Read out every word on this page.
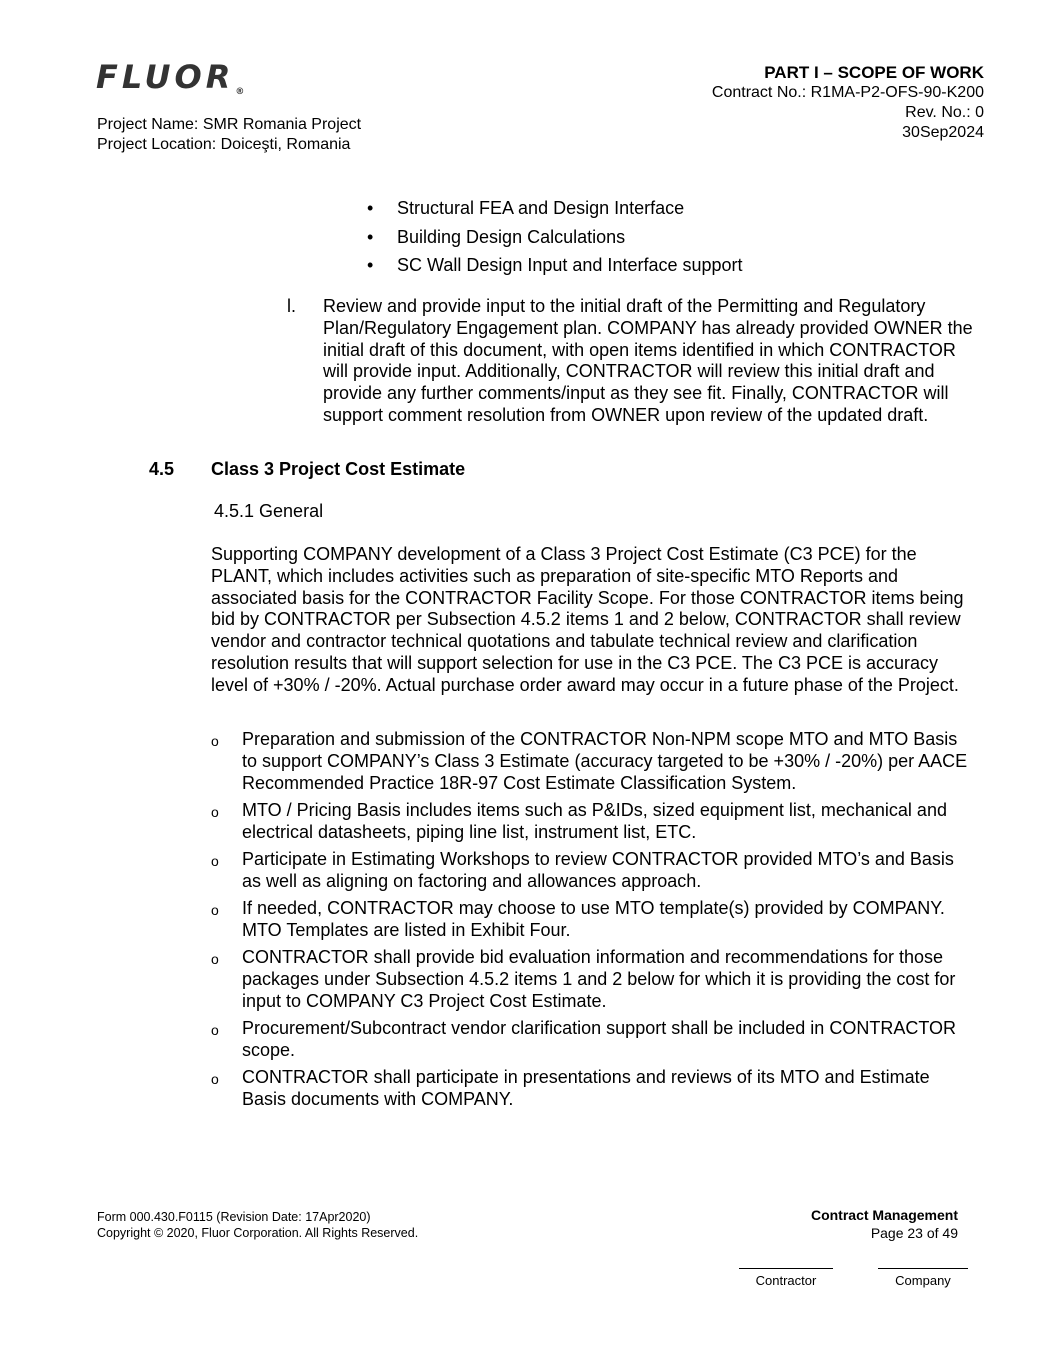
FLUOR®
Project Name: SMR Romania Project
Project Location: Doiceşti, Romania
PART I – SCOPE OF WORK
Contract No.: R1MA-P2-OFS-90-K200
Rev. No.: 0
30Sep2024
• Structural FEA and Design Interface
• Building Design Calculations
• SC Wall Design Input and Interface support
l. Review and provide input to the initial draft of the Permitting and Regulatory Plan/Regulatory Engagement plan. COMPANY has already provided OWNER the initial draft of this document, with open items identified in which CONTRACTOR will provide input. Additionally, CONTRACTOR will review this initial draft and provide any further comments/input as they see fit. Finally, CONTRACTOR will support comment resolution from OWNER upon review of the updated draft.
4.5 Class 3 Project Cost Estimate
4.5.1 General
Supporting COMPANY development of a Class 3 Project Cost Estimate (C3 PCE) for the PLANT, which includes activities such as preparation of site-specific MTO Reports and associated basis for the CONTRACTOR Facility Scope. For those CONTRACTOR items being bid by CONTRACTOR per Subsection 4.5.2 items 1 and 2 below, CONTRACTOR shall review vendor and contractor technical quotations and tabulate technical review and clarification resolution results that will support selection for use in the C3 PCE. The C3 PCE is accuracy level of +30% / -20%. Actual purchase order award may occur in a future phase of the Project.
o Preparation and submission of the CONTRACTOR Non-NPM scope MTO and MTO Basis to support COMPANY’s Class 3 Estimate (accuracy targeted to be +30% / -20%) per AACE Recommended Practice 18R-97 Cost Estimate Classification System.
o MTO / Pricing Basis includes items such as P&IDs, sized equipment list, mechanical and electrical datasheets, piping line list, instrument list, ETC.
o Participate in Estimating Workshops to review CONTRACTOR provided MTO’s and Basis as well as aligning on factoring and allowances approach.
o If needed, CONTRACTOR may choose to use MTO template(s) provided by COMPANY. MTO Templates are listed in Exhibit Four.
o CONTRACTOR shall provide bid evaluation information and recommendations for those packages under Subsection 4.5.2 items 1 and 2 below for which it is providing the cost for input to COMPANY C3 Project Cost Estimate.
o Procurement/Subcontract vendor clarification support shall be included in CONTRACTOR scope.
o CONTRACTOR shall participate in presentations and reviews of its MTO and Estimate Basis documents with COMPANY.
Form 000.430.F0115 (Revision Date: 17Apr2020)
Copyright © 2020, Fluor Corporation. All Rights Reserved.
Contract Management
Page 23 of 49
Contractor	Company
